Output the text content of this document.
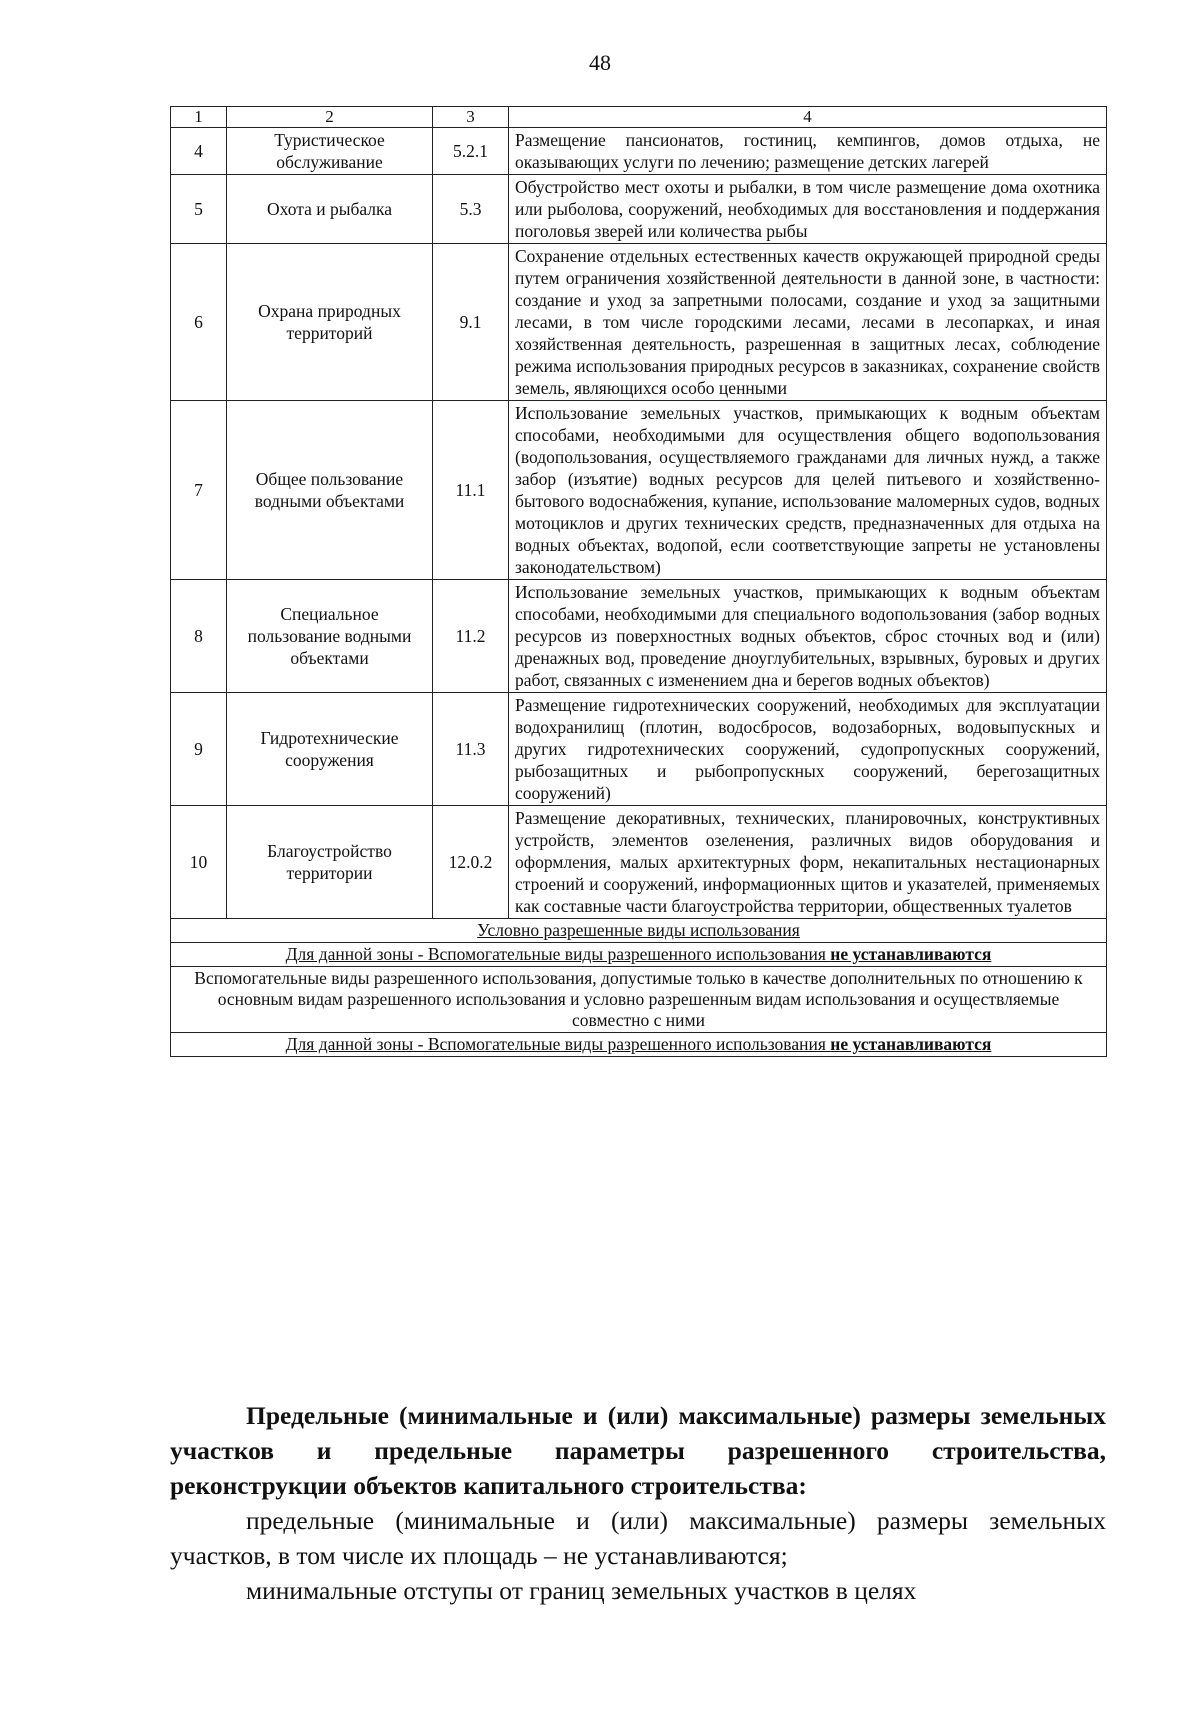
48
1	2	3	4
4	Туристическое обслуживание	5.2.1	Размещение пансионатов, гостиниц, кемпингов, домов отдыха, не оказывающих услуги по лечению; размещение детских лагерей
5	Охота и рыбалка	5.3	Обустройство мест охоты и рыбалки, в том числе размещение дома охотника или рыболова, сооружений, необходимых для восстановления и поддержания поголовья зверей или количества рыбы
6	Охрана природных территорий	9.1	Сохранение отдельных естественных качеств окружающей природной среды путем ограничения хозяйственной деятельности в данной зоне, в частности: создание и уход за запретными полосами, создание и уход за защитными лесами, в том числе городскими лесами, лесами в лесопарках, и иная хозяйственная деятельность, разрешенная в защитных лесах, соблюдение режима использования природных ресурсов в заказниках, сохранение свойств земель, являющихся особо ценными
7	Общее пользование водными объектами	11.1	Использование земельных участков, примыкающих к водным объектам способами, необходимыми для осуществления общего водопользования (водопользования, осуществляемого гражданами для личных нужд, а также забор (изъятие) водных ресурсов для целей питьевого и хозяйственно-бытового водоснабжения, купание, использование маломерных судов, водных мотоциклов и других технических средств, предназначенных для отдыха на водных объектах, водопой, если соответствующие запреты не установлены законодательством)
8	Специальное пользование водными объектами	11.2	Использование земельных участков, примыкающих к водным объектам способами, необходимыми для специального водопользования (забор водных ресурсов из поверхностных водных объектов, сброс сточных вод и (или) дренажных вод, проведение дноуглубительных, взрывных, буровых и других работ, связанных с изменением дна и берегов водных объектов)
9	Гидротехнические сооружения	11.3	Размещение гидротехнических сооружений, необходимых для эксплуатации водохранилищ (плотин, водосбросов, водозаборных, водовыпускных и других гидротехнических сооружений, судопропускных сооружений, рыбозащитных и рыбопропускных сооружений, берегозащитных сооружений)
10	Благоустройство территории	12.0.2	Размещение декоративных, технических, планировочных, конструктивных устройств, элементов озеленения, различных видов оборудования и оформления, малых архитектурных форм, некапитальных нестационарных строений и сооружений, информационных щитов и указателей, применяемых как составные части благоустройства территории, общественных туалетов
Условно разрешенные виды использования			
Для данной зоны - Вспомогательные виды разрешенного использования не устанавливаются			
Вспомогательные виды разрешенного использования, допустимые только в качестве дополнительных по отношению к основным видам разрешенного использования и условно разрешенным видам использования и осуществляемые совместно с ними			
Для данной зоны - Вспомогательные виды разрешенного использования не устанавливаются			

Предельные (минимальные и (или) максимальные) размеры земельных участков и предельные параметры разрешенного строительства, реконструкции объектов капитального строительства:

предельные (минимальные и (или) максимальные) размеры земельных участков, в том числе их площадь – не устанавливаются;

минимальные отступы от границ земельных участков в целях
